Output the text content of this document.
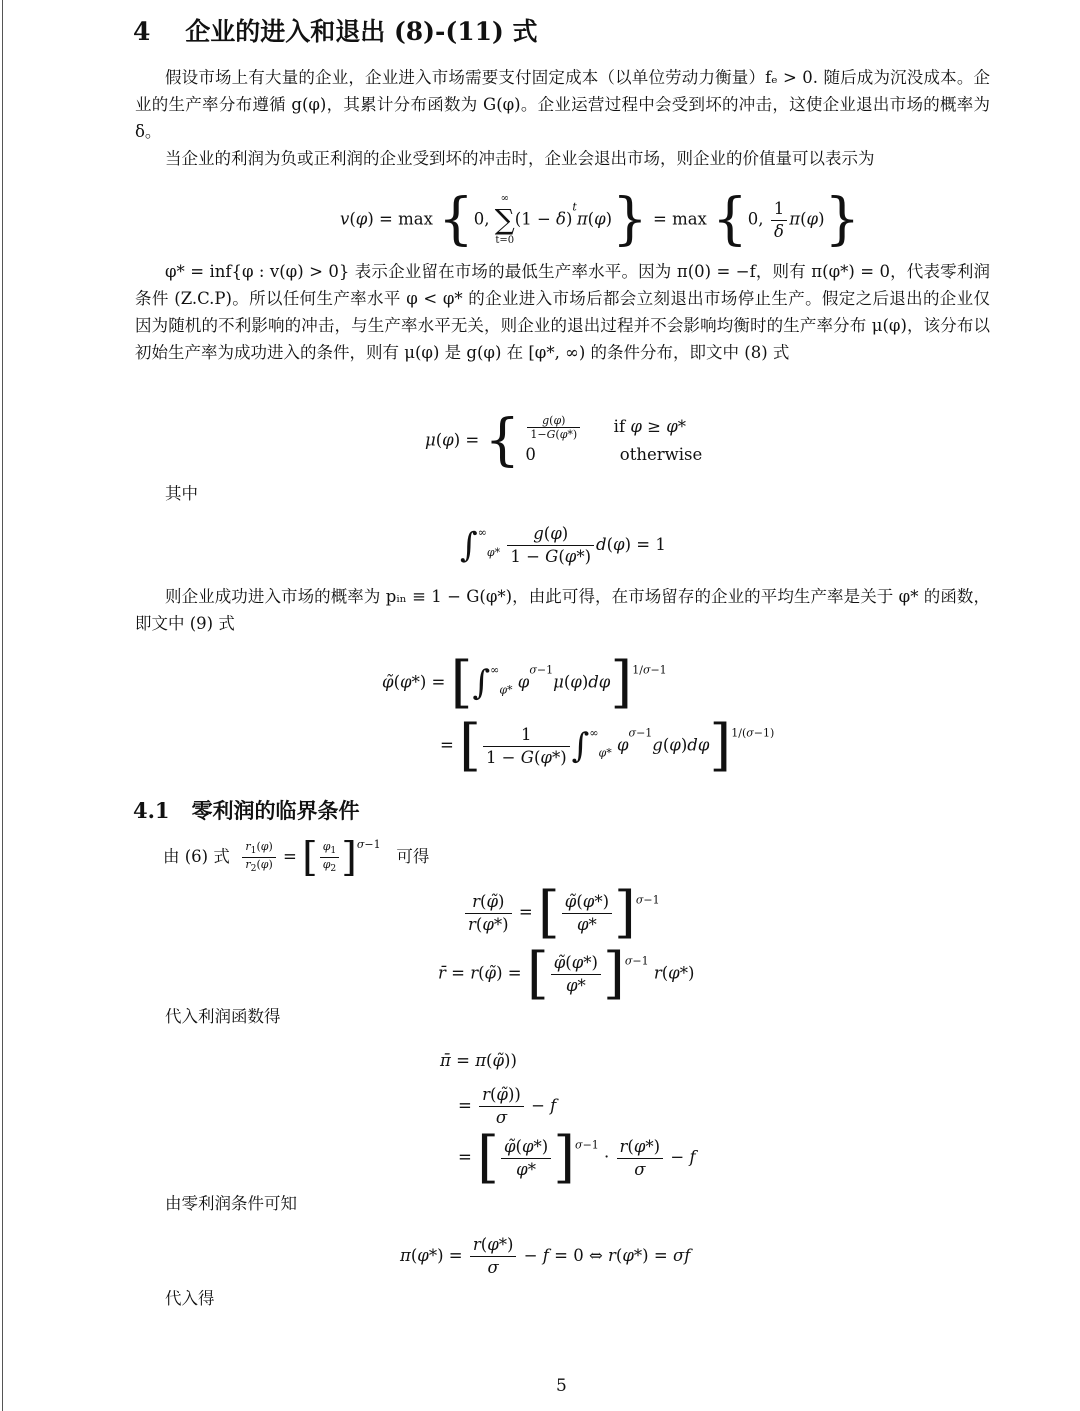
4 企业的进入和退出 (8)-(11) 式
假设市场上有大量的企业，企业进入市场需要支付固定成本（以单位劳动力衡量）fₑ > 0. 随后成为沉没成本。企业的生产率分布遵循 g(φ)，其累计分布函数为 G(φ)。企业运营过程中会受到坏的冲击，这使企业退出市场的概率为 δ。
当企业的利润为负或正利润的企业受到坏的冲击时，企业会退出市场，则企业的价值量可以表示为
v(φ) = max {0,
∞
∑
t=0
$(1 - \delta)^t\pi(\varphi)\} = \max \{0$, $\frac{1}{\delta} \pi(\varphi)$}
φ* = inf{φ : v(φ) > 0} 表示企业留在市场的最低生产率水平。因为 π(0) = −f，则有 π(φ*) = 0，代表零利润条件 (Z.C.P)。所以任何生产率水平 φ < φ* 的企业进入市场后都会立刻退出市场停止生产。假定之后退出的企业仅因为随机的不利影响的冲击，与生产率水平无关，则企业的退出过程并不会影响均衡时的生产率分布 μ(φ)，该分布以初始生产率为成功进入的条件，则有 μ(φ) 是 g(φ) 在 [φ*, ∞) 的条件分布，即文中 (8) 式
μ(φ) = { $\frac{g(\varphi)}{1-G(\varphi*)}$ if φ ≥ φ*
0                otherwise
其中
$\int^\infty_{\varphi*} \frac{g(\varphi)}{1 - G(\varphi*)} d(\varphi) = 1$
则企业成功进入市场的概率为 pᵢₙ ≡ 1 − G(φ*)，由此可得，在市场留存的企业的平均生产率是关于 φ* 的函数，即文中 (9) 式
φ̃(φ*) = [$\int^\infty_{\varphi*}$ $\varphi^{\sigma-1}\mu(\varphi)d\varphi]^{1/\sigma-1}$
= [ $\frac{1}{1 - G(\varphi*)} \int^\infty_{\varphi*}$ $\varphi^{\sigma-1}g(\varphi)d\varphi]^{1/(\sigma-1)}$
4.1 零利润的临界条件
由 (6) 式 $\frac{r_1(\varphi)}{r_2(\varphi)}$ = [ $\frac{\varphi_1}{\varphi_2} ]^{\sigma-1}$   可得
$\frac{r(\varphĩ)}{r(\varphi*)}$ = [ $\frac{\varphĩ(\varphi*)}{\varphi*} ]^{\sigma-1}$
r̄ = r(φ̃) = [ $\frac{\varphĩ(\varphi*)}{\varphi*} ]^{\sigma-1}$ r(φ*)
代入利润函数得
π̄ = π(φ̃))
= $\frac{r(\varphĩ))}{\sigma} - f$
= [ $\frac{\varphĩ(\varphi*)}{\varphi*} ]^{\sigma-1} \cdot \frac{r(\varphi*)}{\sigma} - f$
由零利润条件可知
$\pi(\varphi*) = \frac{r(\varphi*)}{\sigma} - f = 0$ ⇔ r(φ*) = σf
代入得
5
